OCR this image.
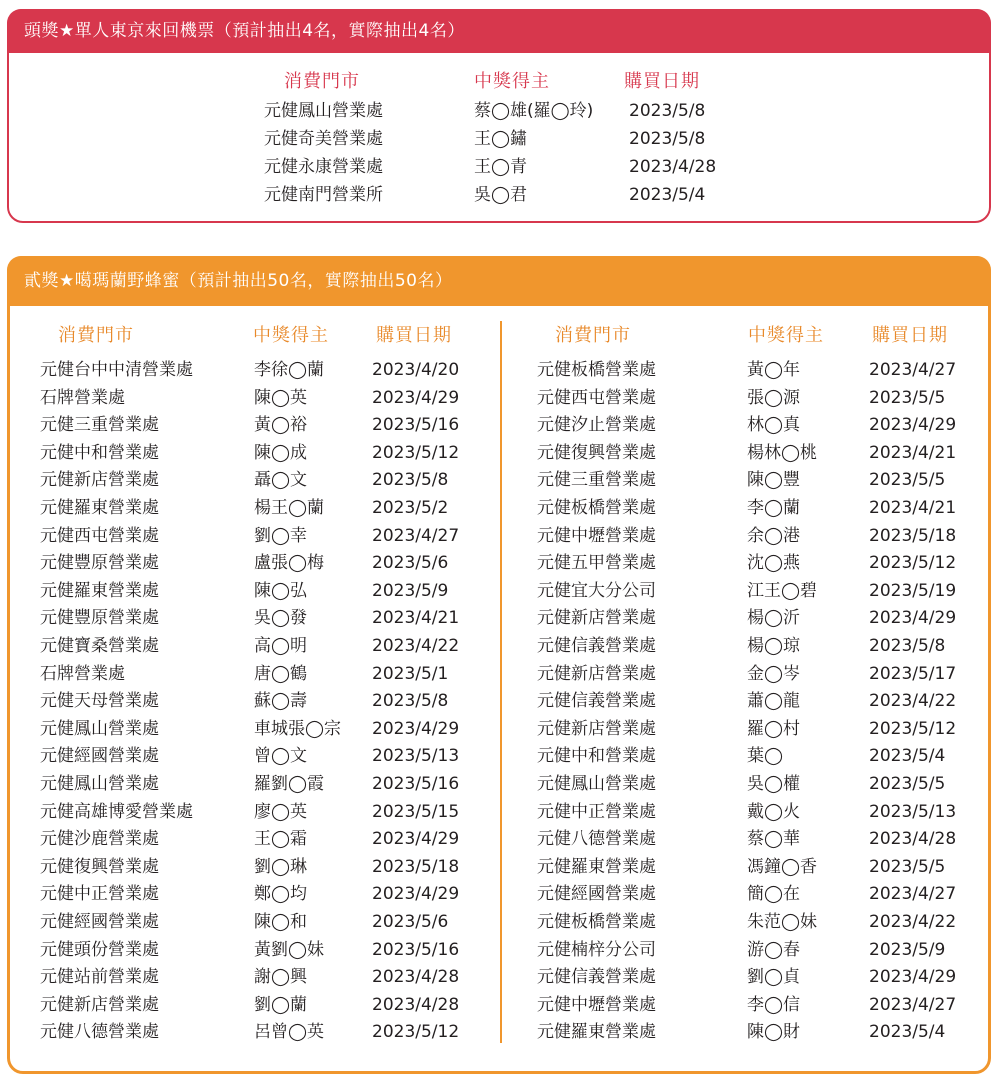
頭獎★單人東京來回機票（預計抽出4名，實際抽出4名）
消費門市	中獎得主	購買日期
元健鳳山營業處	蔡◯雄(羅◯玲) 2023/5/8
元健奇美營業處	王◯鏽	2023/5/8
元健永康營業處	王◯青	2023/4/28
元健南門營業所	吳◯君	2023/5/4
貳獎★噶瑪蘭野蜂蜜（預計抽出50名，實際抽出50名）
消費門市	中獎得主	購買日期	消費門市	中獎得主	購買日期
元健台中中清營業處	李徐◯蘭	2023/4/20
石牌營業處	陳◯英	2023/4/29
元健三重營業處	黃◯裕	2023/5/16
元健中和營業處	陳◯成	2023/5/12
元健新店營業處	聶◯文	2023/5/8
元健羅東營業處	楊王◯蘭	2023/5/2
元健西屯營業處	劉◯幸	2023/4/27
元健豐原營業處	盧張◯梅	2023/5/6
元健羅東營業處	陳◯弘	2023/5/9
元健豐原營業處	吳◯發	2023/4/21
元健寶桑營業處	高◯明	2023/4/22
石牌營業處	唐◯鶴	2023/5/1
元健天母營業處	蘇◯壽	2023/5/8
元健鳳山營業處	車城張◯宗 2023/4/29
元健經國營業處	曾◯文	2023/5/13
元健鳳山營業處	羅劉◯霞	2023/5/16
元健高雄博愛營業處	廖◯英	2023/5/15
元健沙鹿營業處	王◯霜	2023/4/29
元健復興營業處	劉◯琳	2023/5/18
元健中正營業處	鄭◯均	2023/4/29
元健經國營業處	陳◯和	2023/5/6
元健頭份營業處	黃劉◯妹	2023/5/16
元健站前營業處	謝◯興	2023/4/28
元健新店營業處	劉◯蘭	2023/4/28
元健八德營業處	呂曾◯英	2023/5/12
元健板橋營業處	黃◯年	2023/4/27
元健西屯營業處	張◯源	2023/5/5
元健汐止營業處	林◯真	2023/4/29
元健復興營業處	楊林◯桃	2023/4/21
元健三重營業處	陳◯豐	2023/5/5
元健板橋營業處	李◯蘭	2023/4/21
元健中壢營業處	余◯港	2023/5/18
元健五甲營業處	沈◯燕	2023/5/12
元健宜大分公司	江王◯碧	2023/5/19
元健新店營業處	楊◯沂	2023/4/29
元健信義營業處	楊◯琼	2023/5/8
元健新店營業處	金◯岑	2023/5/17
元健信義營業處	蕭◯龍	2023/4/22
元健新店營業處	羅◯村	2023/5/12
元健中和營業處	葉◯	2023/5/4
元健鳳山營業處	吳◯權	2023/5/5
元健中正營業處	戴◯火	2023/5/13
元健八德營業處	蔡◯華	2023/4/28
元健羅東營業處	馮鐘◯香	2023/5/5
元健經國營業處	簡◯在	2023/4/27
元健板橋營業處	朱范◯妹	2023/4/22
元健楠梓分公司	游◯春	2023/5/9
元健信義營業處	劉◯貞	2023/4/29
元健中壢營業處	李◯信	2023/4/27
元健羅東營業處	陳◯財	2023/5/4
